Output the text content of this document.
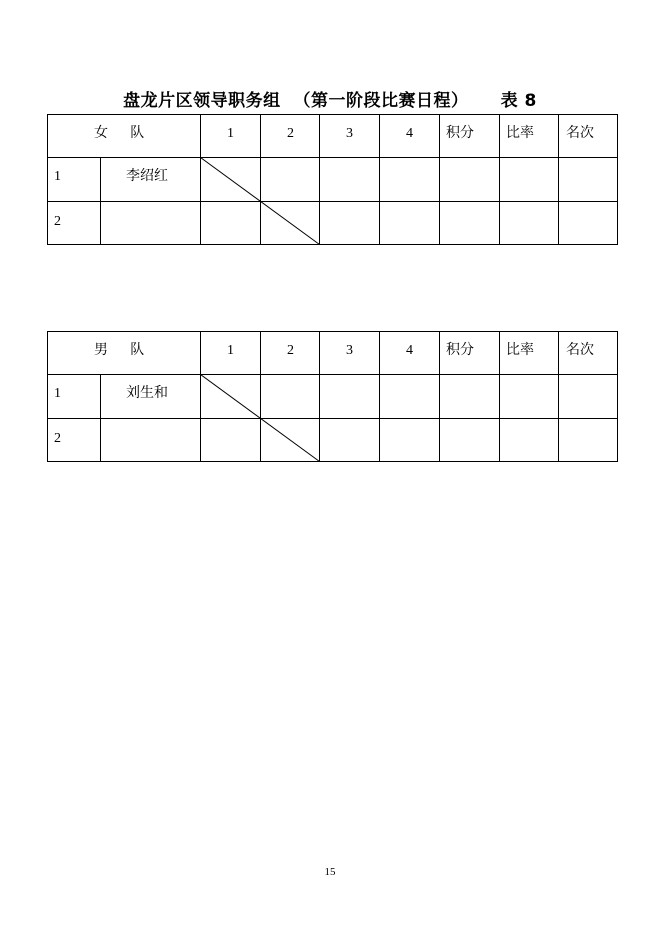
盘龙片区领导职务组  （第一阶段比赛日程）     表 8
女     队	1	2	3	4 积分 比率 名次
1	李绍红
2
男     队	1	2	3	4 积分 比率 名次
1	刘生和
2
15
